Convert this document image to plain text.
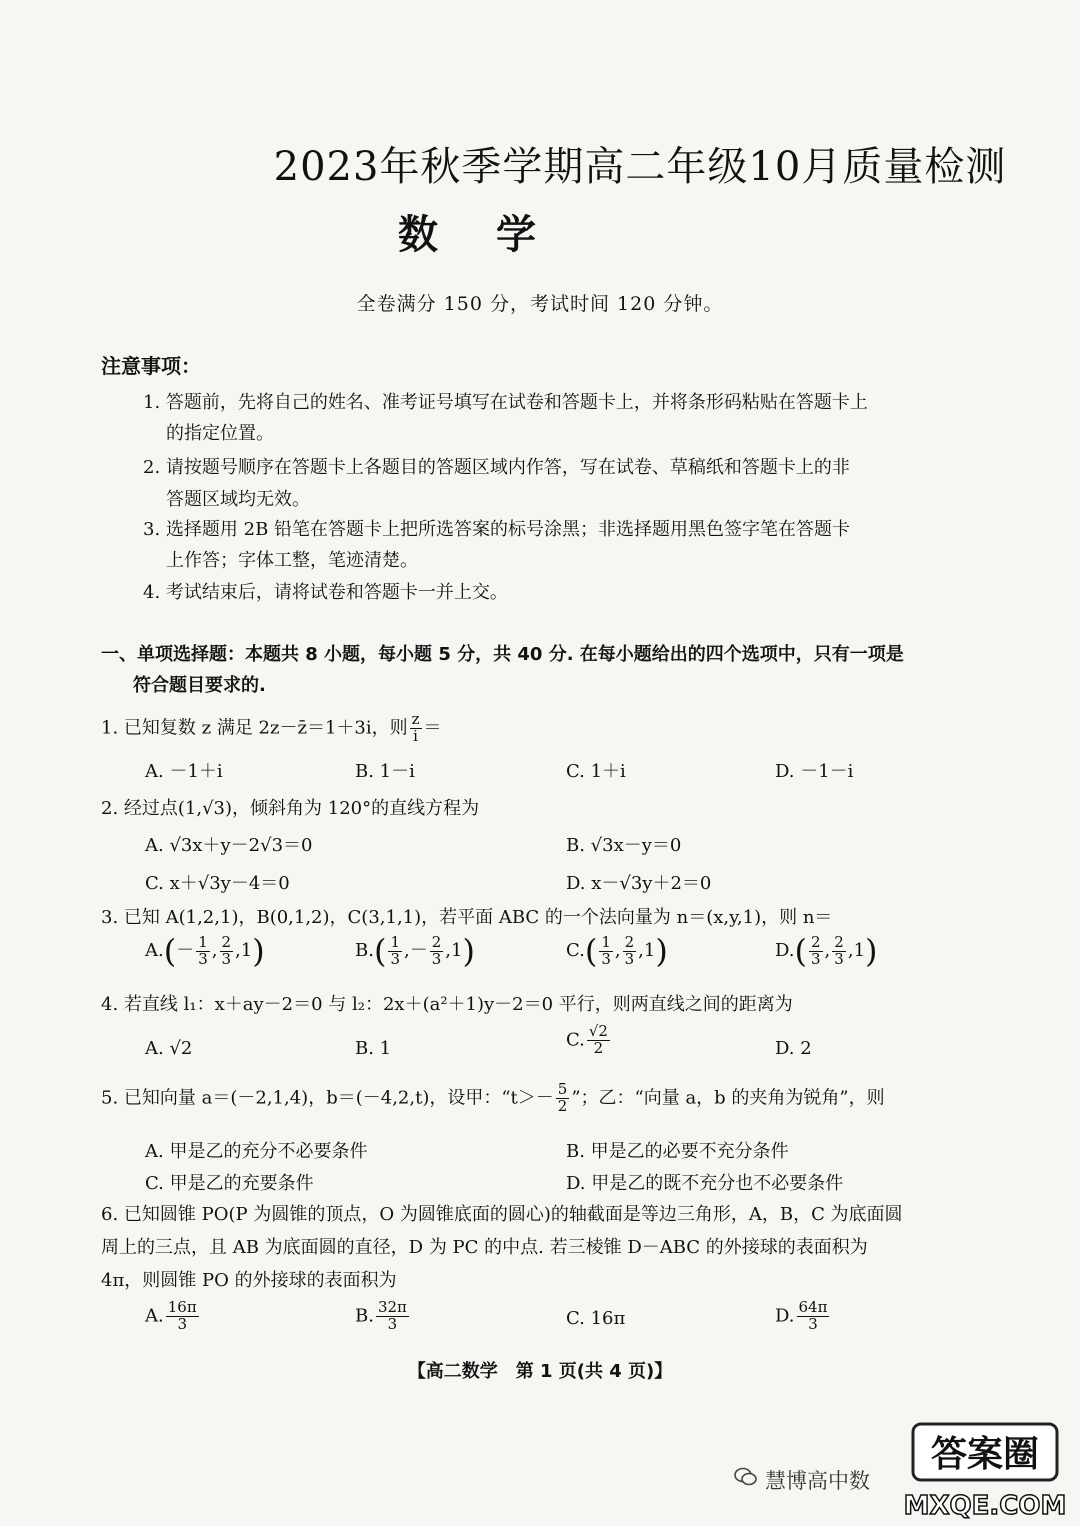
2023年秋季学期高二年级10月质量检测
数学
全卷满分 150 分，考试时间 120 分钟。
注意事项：
1. 答题前，先将自己的姓名、准考证号填写在试卷和答题卡上，并将条形码粘贴在答题卡上
的指定位置。
2. 请按题号顺序在答题卡上各题目的答题区域内作答，写在试卷、草稿纸和答题卡上的非
答题区域均无效。
3. 选择题用 2B 铅笔在答题卡上把所选答案的标号涂黑；非选择题用黑色签字笔在答题卡
上作答；字体工整，笔迹清楚。
4. 考试结束后，请将试卷和答题卡一并上交。
一、单项选择题：本题共 8 小题，每小题 5 分，共 40 分. 在每小题给出的四个选项中，只有一项是
符合题目要求的.
1. 已知复数 z 满足 2z－z̄＝1＋3i，则 $\frac{z}{i}$ ＝
A. －1＋i	B. 1－i	C. 1＋i	D. －1－i
2. 经过点(1,√3)，倾斜角为 120°的直线方程为
A. √3x＋y－2√3＝0	B. √3x－y＝0
C. x＋√3y－4＝0	D. x－√3y＋2＝0
3. 已知 A(1,2,1)，B(0,1,2)，C(3,1,1)，若平面 ABC 的一个法向量为 n＝(x,y,1)，则 n＝
$A.(- \frac{1}{3}$ , $\frac{2}{3} ,1$)	$B.( \frac{1}{3}$ ,－ $\frac{2}{3} ,1$)	$C.( \frac{1}{3}$ , $\frac{2}{3} ,1$)	$D.( \frac{2}{3}$ , $\frac{2}{3} ,1$)
4. 若直线 l₁：x＋ay－2＝0 与 l₂：2x＋(a²＋1)y－2＝0 平行，则两直线之间的距离为
A. √2	B. 1	C. $\frac{√2}{2}$	D. 2
5. 已知向量 a＝(－2,1,4)，b＝(－4,2,t)，设甲：“$t>- \frac{5}{2}$ ”；乙：“向量 a，b 的夹角为锐角”，则
A. 甲是乙的充分不必要条件	B. 甲是乙的必要不充分条件
C. 甲是乙的充要条件	D. 甲是乙的既不充分也不必要条件
6. 已知圆锥 PO(P 为圆锥的顶点，O 为圆锥底面的圆心)的轴截面是等边三角形，A，B，C 为底面圆
周上的三点，且 AB 为底面圆的直径，D 为 PC 的中点. 若三棱锥 D－ABC 的外接球的表面积为
4π，则圆锥 PO 的外接球的表面积为
A. $\frac{16\pi}{3}$	B. $\frac{32\pi}{3}$	C. 16π	D. $\frac{64\pi}{3}$
【高二数学　第 1 页(共 4 页)】
慧博高中数
答案圈
MXQE.COM
